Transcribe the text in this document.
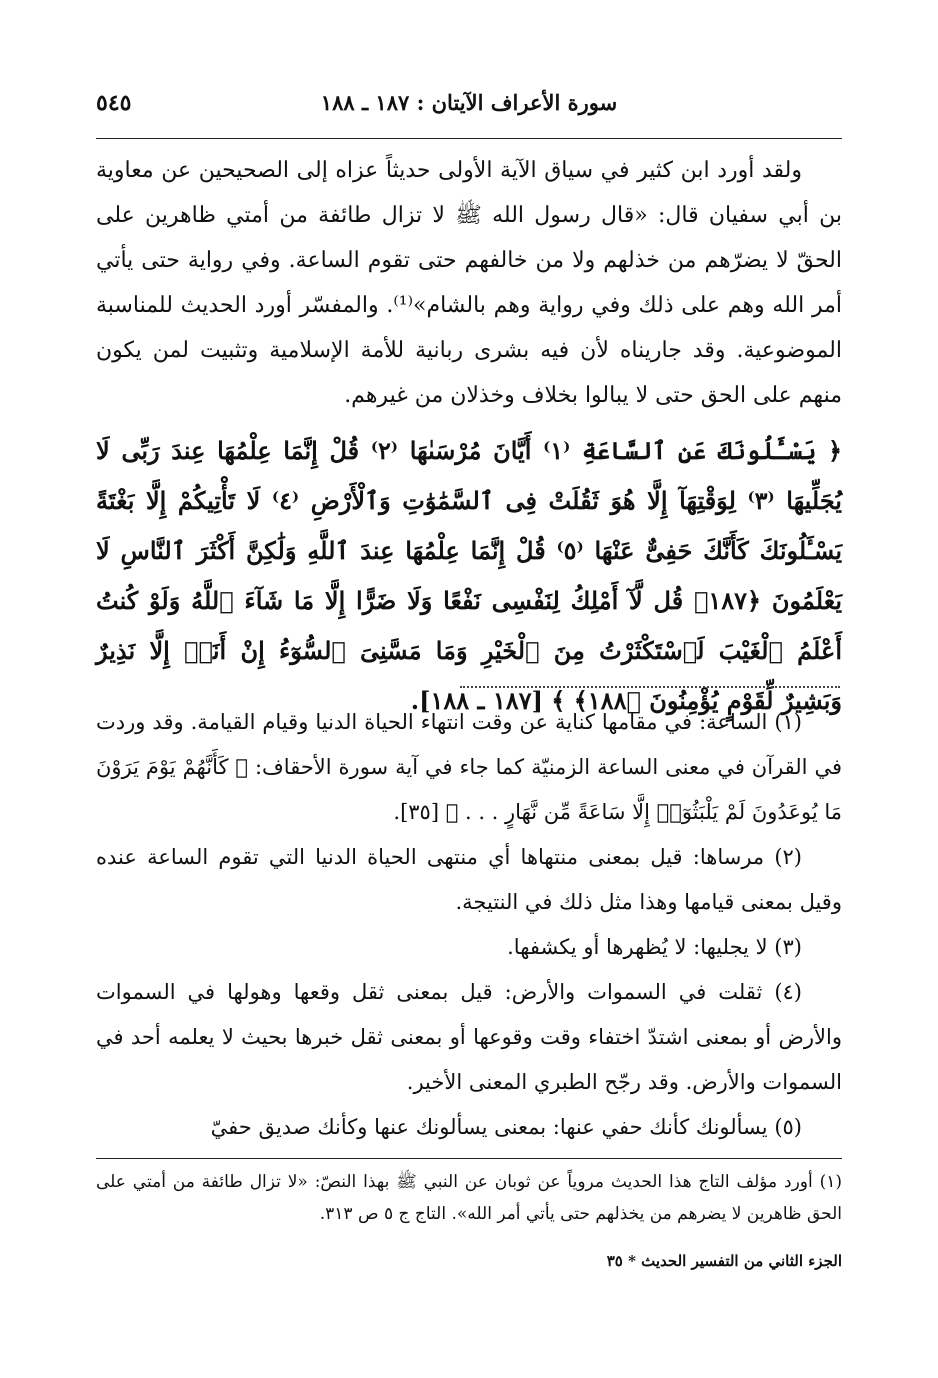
٥٤٥	سورة الأعراف الآيتان : ١٨٧ ـ ١٨٨

ولقد أورد ابن كثير في سياق الآية الأولى حديثاً عزاه إلى الصحيحين عن معاوية بن أبي سفيان قال: «قال رسول الله ﷺ لا تزال طائفة من أمتي ظاهرين على الحقّ لا يضرّهم من خذلهم ولا من خالفهم حتى تقوم الساعة. وفي رواية حتى يأتي أمر الله وهم على ذلك وفي رواية وهم بالشام»⁽¹⁾. والمفسّر أورد الحديث للمناسبة الموضوعية. وقد جاريناه لأن فيه بشرى ربانية للأمة الإسلامية وتثبيت لمن يكون منهم على الحق حتى لا يبالوا بخلاف وخذلان من غيرهم.

﴿ يَسْـَٔلُونَكَ عَنِ ٱلسَّاعَةِ ⁽١⁾ أَيَّانَ مُرْسَىٰهَا ⁽٢⁾ قُلْ إِنَّمَا عِلْمُهَا عِندَ رَبِّى لَا يُجَلِّيهَا ⁽٣⁾ لِوَقْتِهَآ إِلَّا هُوَ ثَقُلَتْ فِى ٱلسَّمَٰوَٰتِ وَٱلْأَرْضِ ⁽٤⁾ لَا تَأْتِيكُمْ إِلَّا بَغْتَةً يَسْـَٔلُونَكَ كَأَنَّكَ حَفِىٌّ عَنْهَا ⁽٥⁾ قُلْ إِنَّمَا عِلْمُهَا عِندَ ٱللَّهِ وَلَٰكِنَّ أَكْثَرَ ٱلنَّاسِ لَا يَعْلَمُونَ ﴿١٨٧﴾ قُل لَّآ أَمْلِكُ لِنَفْسِى نَفْعًا وَلَا ضَرًّا إِلَّا مَا شَآءَ ٱللَّهُ وَلَوْ كُنتُ أَعْلَمُ ٱلْغَيْبَ لَٱسْتَكْثَرْتُ مِنَ ٱلْخَيْرِ وَمَا مَسَّنِىَ ٱلسُّوٓءُ إِنْ أَنَا۠ إِلَّا نَذِيرٌ وَبَشِيرٌ لِّقَوْمٍ يُؤْمِنُونَ ﴿١٨٨﴾ ﴾ [١٨٧ ـ ١٨٨].

(١) الساعة: في مقامها كناية عن وقت انتهاء الحياة الدنيا وقيام القيامة. وقد وردت في القرآن في معنى الساعة الزمنيّة كما جاء في آية سورة الأحقاف: ﴿ كَأَنَّهُمْ يَوْمَ يَرَوْنَ مَا يُوعَدُونَ لَمْ يَلْبَثُوٓا۟ إِلَّا سَاعَةً مِّن نَّهَارٍ . . . ﴾ [٣٥].

(٢) مرساها: قيل بمعنى منتهاها أي منتهى الحياة الدنيا التي تقوم الساعة عنده وقيل بمعنى قيامها وهذا مثل ذلك في النتيجة.

(٣) لا يجليها: لا يُظهرها أو يكشفها.

(٤) ثقلت في السموات والأرض: قيل بمعنى ثقل وقعها وهولها في السموات والأرض أو بمعنى اشتدّ اختفاء وقت وقوعها أو بمعنى ثقل خبرها بحيث لا يعلمه أحد في السموات والأرض. وقد رجّح الطبري المعنى الأخير.

(٥) يسألونك كأنك حفي عنها: بمعنى يسألونك عنها وكأنك صديق حفيّ

(١) أورد مؤلف التاج هذا الحديث مروياً عن ثوبان عن النبي ﷺ بهذا النصّ: «لا تزال طائفة من أمتي على الحق ظاهرين لا يضرهم من يخذلهم حتى يأتي أمر الله». التاج ج ٥ ص ٣١٣.

الجزء الثاني من التفسير الحديث * ٣٥
